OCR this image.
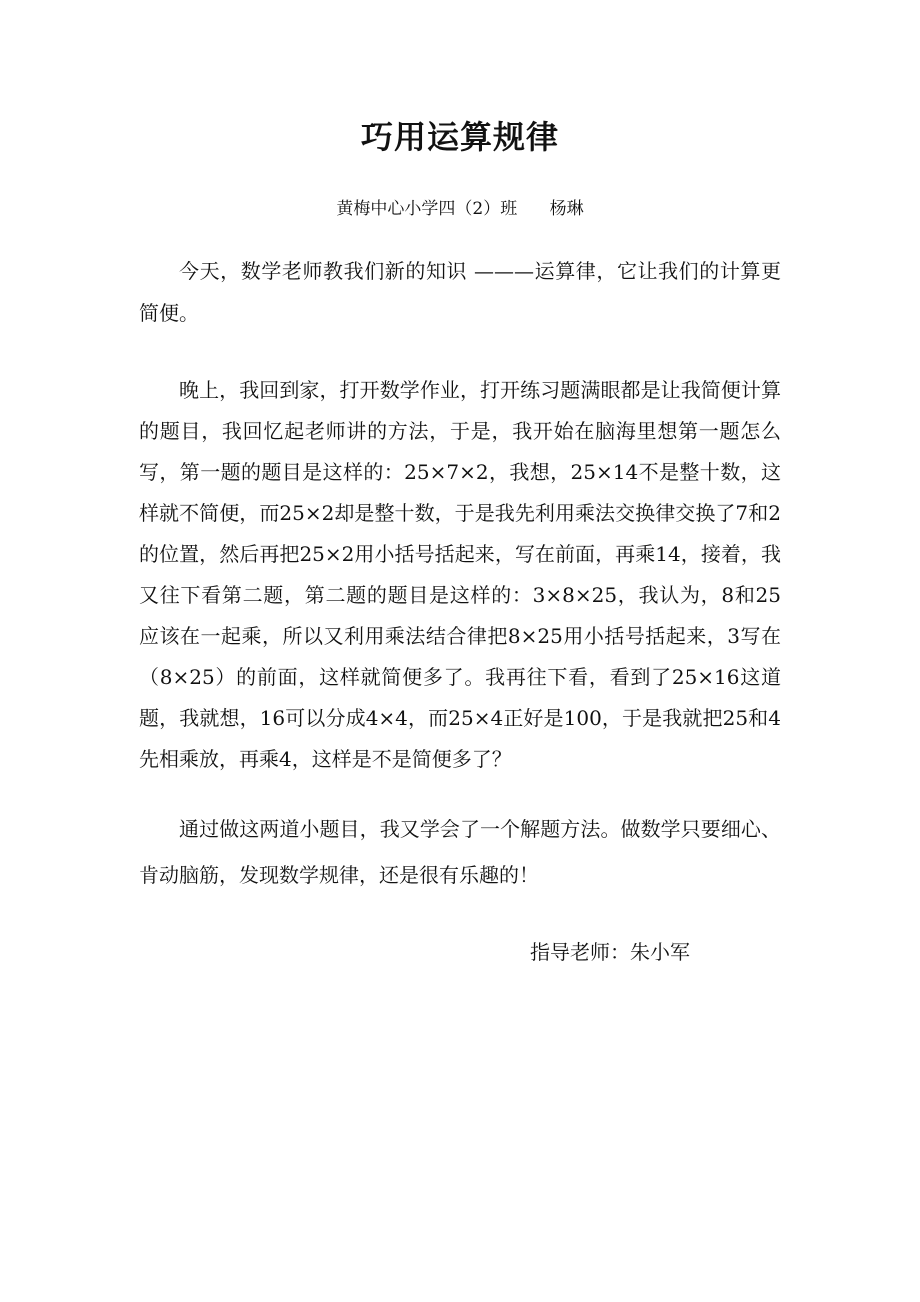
巧用运算规律
黄梅中心小学四（2）班      杨琳

今天，数学老师教我们新的知识 ———运算律，它让我们的计算更简便。

晚上，我回到家，打开数学作业，打开练习题满眼都是让我简便计算的题目，我回忆起老师讲的方法，于是，我开始在脑海里想第一题怎么写，第一题的题目是这样的：25×7×2，我想，25×14不是整十数，这样就不简便，而25×2却是整十数，于是我先利用乘法交换律交换了7和2的位置，然后再把25×2用小括号括起来，写在前面，再乘14，接着，我又往下看第二题，第二题的题目是这样的：3×8×25，我认为，8和25应该在一起乘，所以又利用乘法结合律把8×25用小括号括起来，3写在（8×25）的前面，这样就简便多了。我再往下看，看到了25×16这道题，我就想，16可以分成4×4，而25×4正好是100，于是我就把25和4先相乘放，再乘4，这样是不是简便多了？

通过做这两道小题目，我又学会了一个解题方法。做数学只要细心、肯动脑筋，发现数学规律，还是很有乐趣的！

指导老师：朱小军
